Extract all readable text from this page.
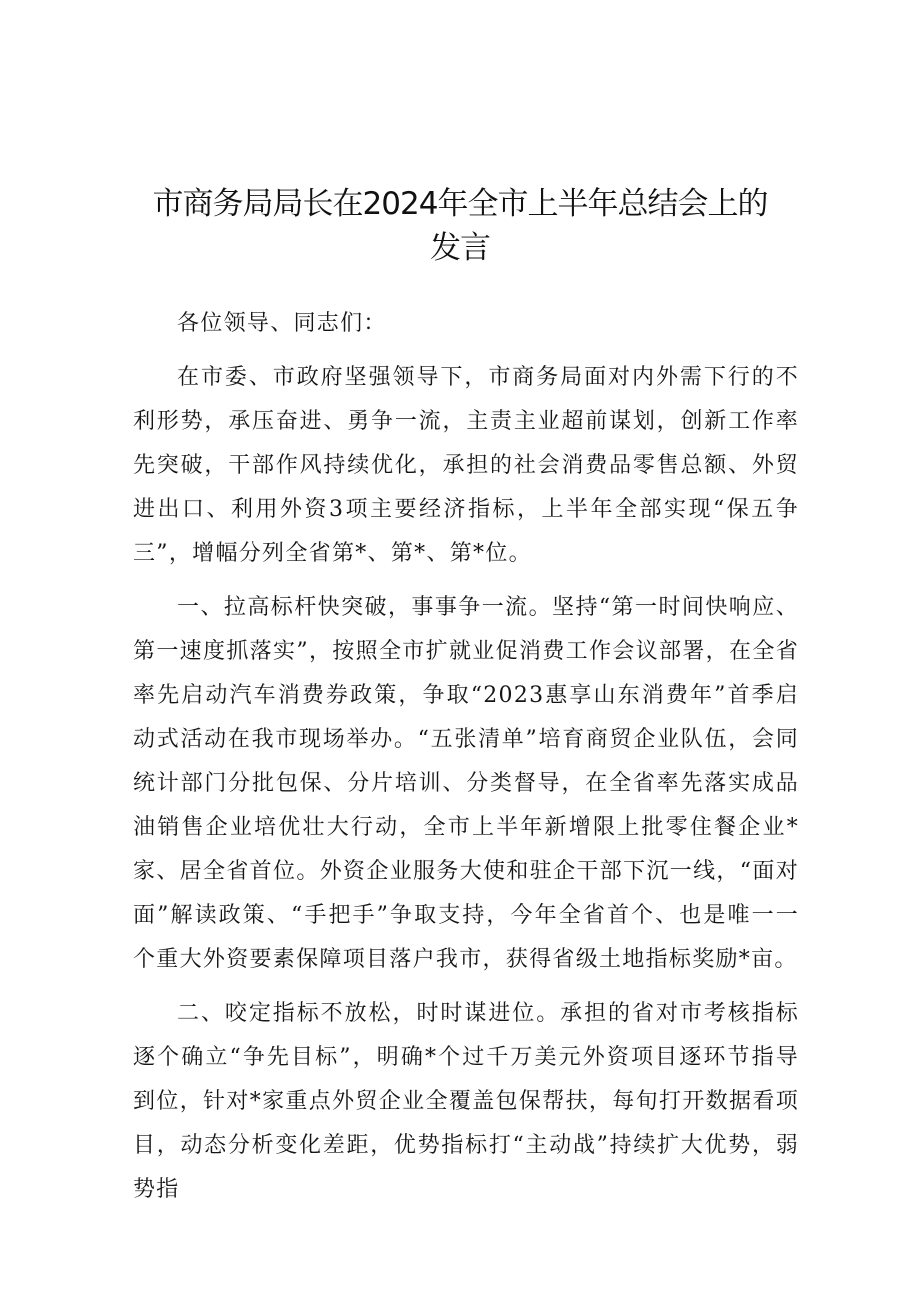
市商务局局长在2024年全市上半年总结会上的
发言

各位领导、同志们：

在市委、市政府坚强领导下，市商务局面对内外需下行的不利形势，承压奋进、勇争一流，主责主业超前谋划，创新工作率先突破，干部作风持续优化，承担的社会消费品零售总额、外贸进出口、利用外资3项主要经济指标，上半年全部实现“保五争三”，增幅分列全省第*、第*、第*位。

一、拉高标杆快突破，事事争一流。坚持“第一时间快响应、第一速度抓落实”，按照全市扩就业促消费工作会议部署，在全省率先启动汽车消费券政策，争取“2023惠享山东消费年”首季启动式活动在我市现场举办。“五张清单”培育商贸企业队伍，会同统计部门分批包保、分片培训、分类督导，在全省率先落实成品油销售企业培优壮大行动，全市上半年新增限上批零住餐企业*家、居全省首位。外资企业服务大使和驻企干部下沉一线，“面对面”解读政策、“手把手”争取支持，今年全省首个、也是唯一一个重大外资要素保障项目落户我市，获得省级土地指标奖励*亩。

二、咬定指标不放松，时时谋进位。承担的省对市考核指标逐个确立“争先目标”，明确*个过千万美元外资项目逐环节指导到位，针对*家重点外贸企业全覆盖包保帮扶，每旬打开数据看项目，动态分析变化差距，优势指标打“主动战”持续扩大优势，弱势指
